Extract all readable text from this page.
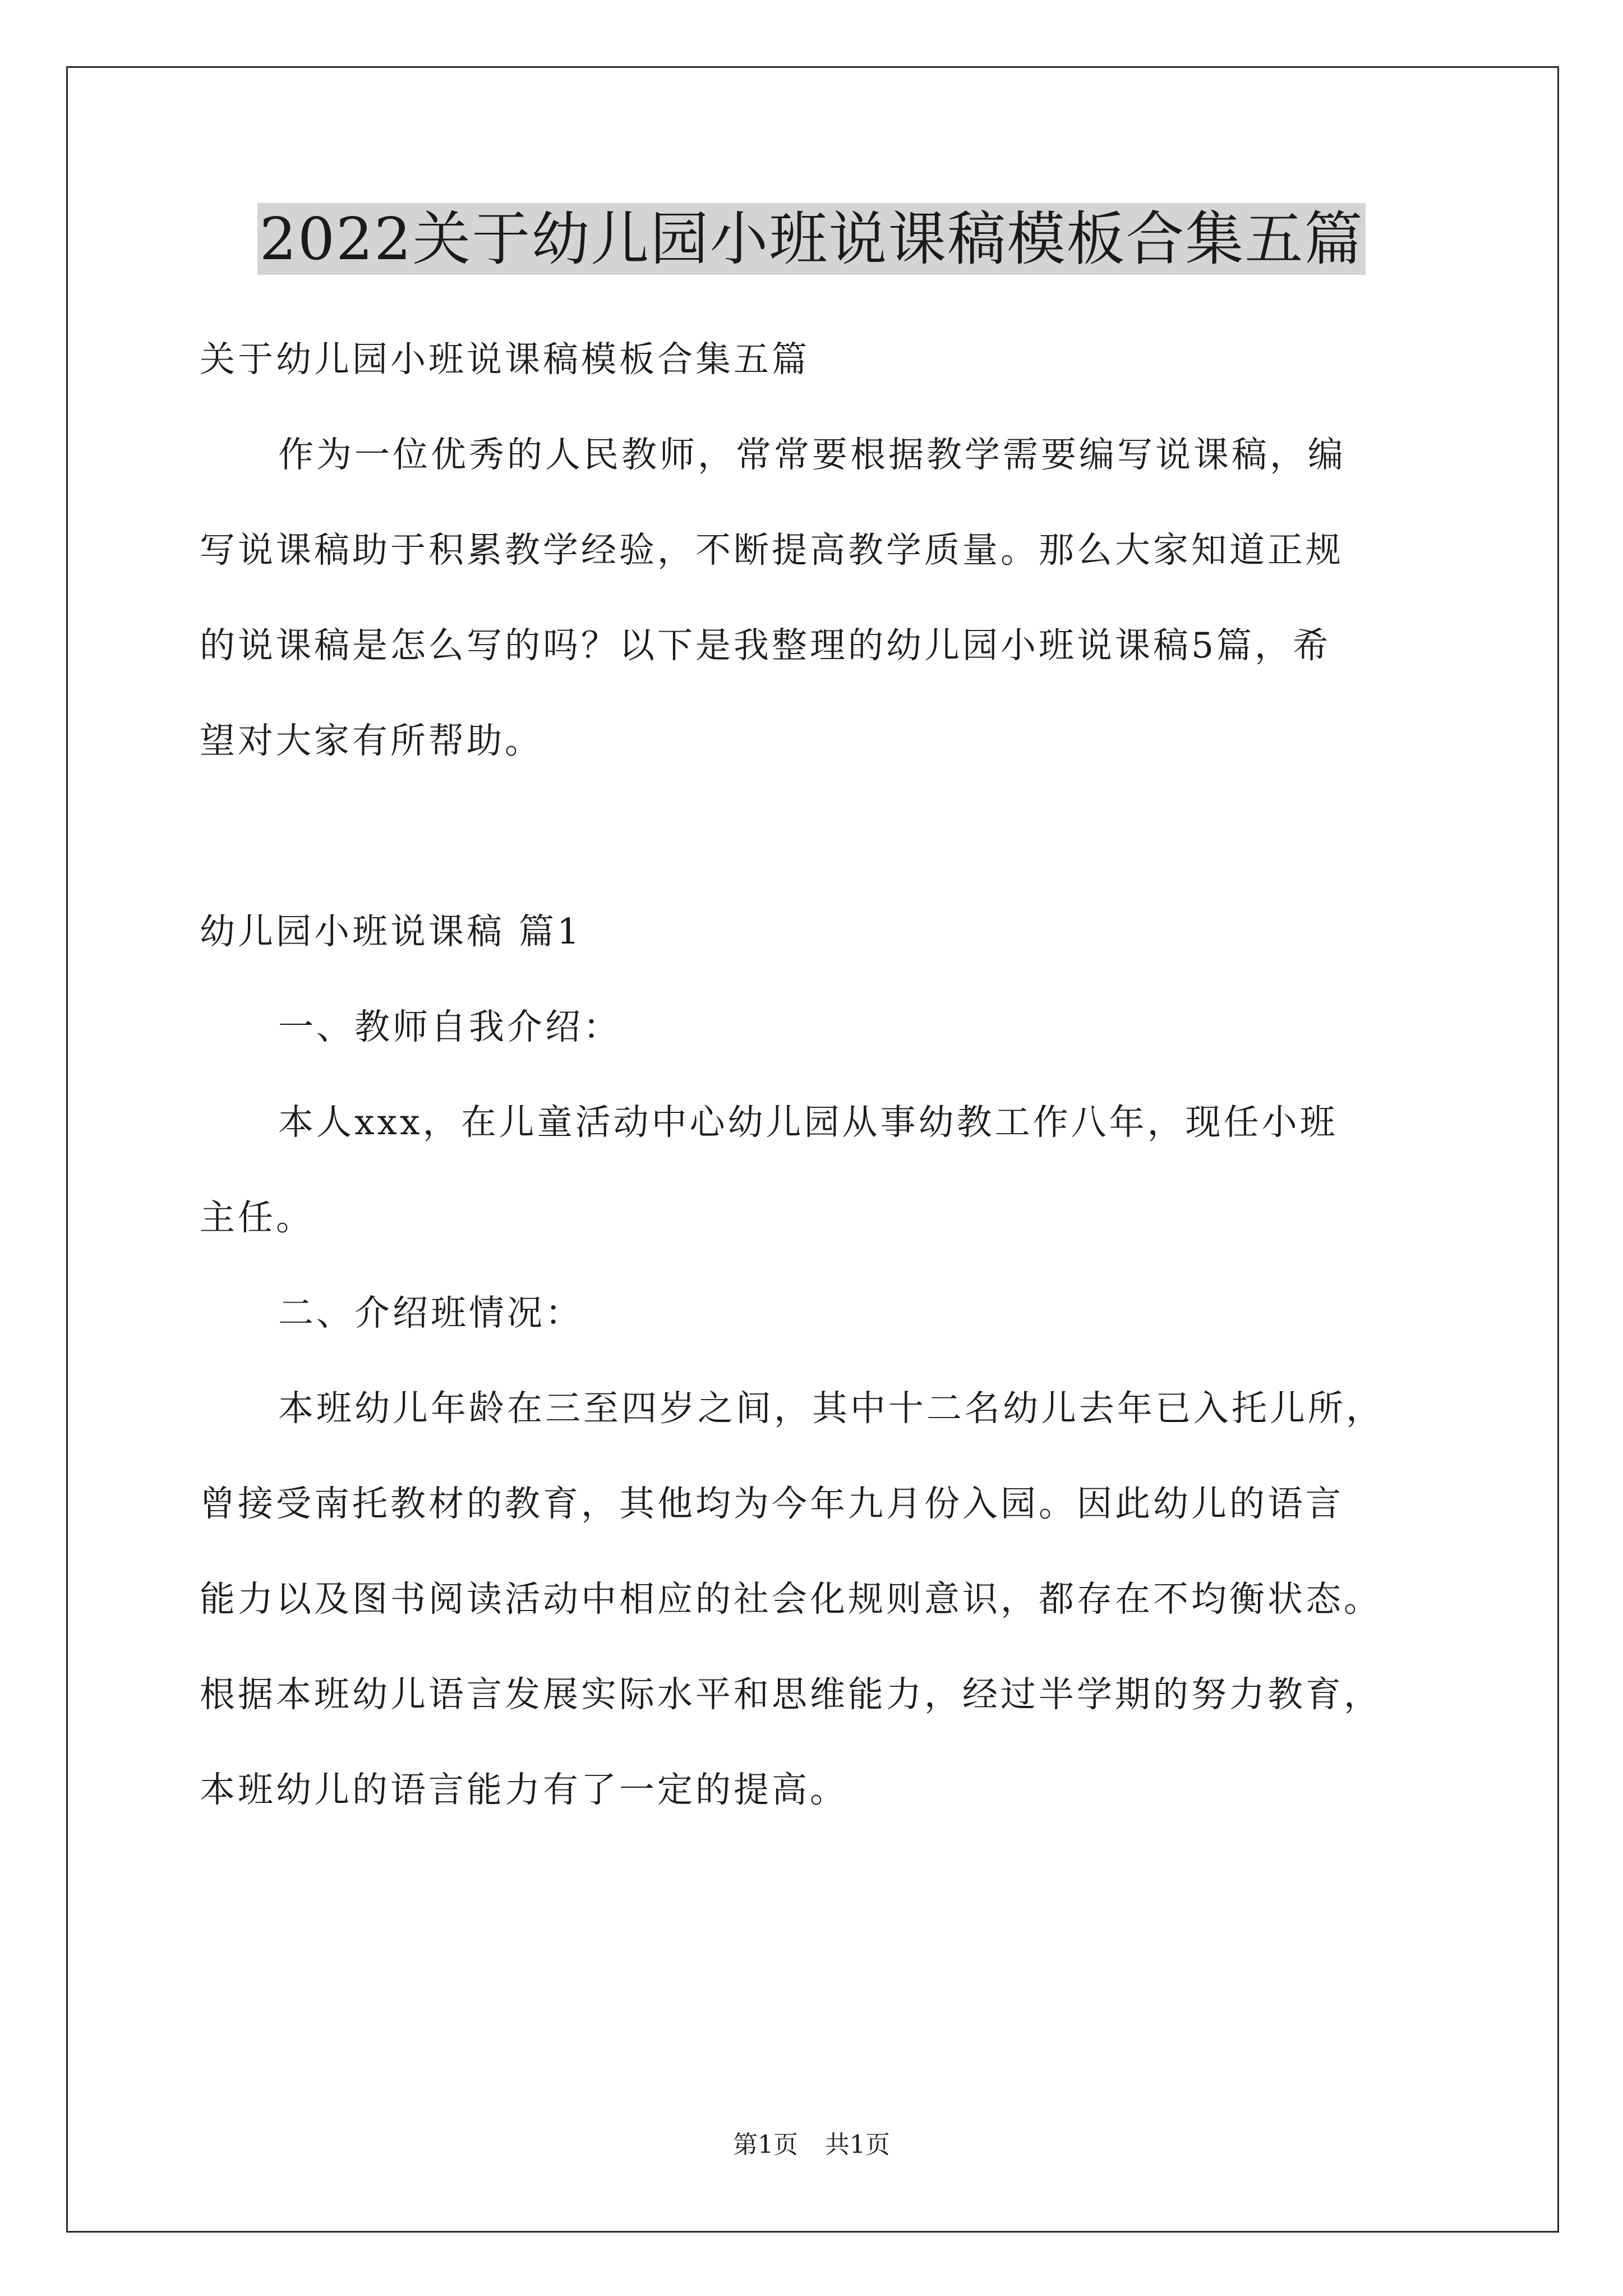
2022关于幼儿园小班说课稿模板合集五篇

关于幼儿园小班说课稿模板合集五篇

作为一位优秀的人民教师，常常要根据教学需要编写说课稿，编

写说课稿助于积累教学经验，不断提高教学质量。那么大家知道正规

的说课稿是怎么写的吗？以下是我整理的幼儿园小班说课稿5篇，希

望对大家有所帮助。

幼儿园小班说课稿 篇1

一、教师自我介绍：

本人xxx，在儿童活动中心幼儿园从事幼教工作八年，现任小班

主任。

二、介绍班情况：

本班幼儿年龄在三至四岁之间，其中十二名幼儿去年已入托儿所，

曾接受南托教材的教育，其他均为今年九月份入园。因此幼儿的语言

能力以及图书阅读活动中相应的社会化规则意识，都存在不均衡状态。

根据本班幼儿语言发展实际水平和思维能力，经过半学期的努力教育，

本班幼儿的语言能力有了一定的提高。

第1页 共1页
